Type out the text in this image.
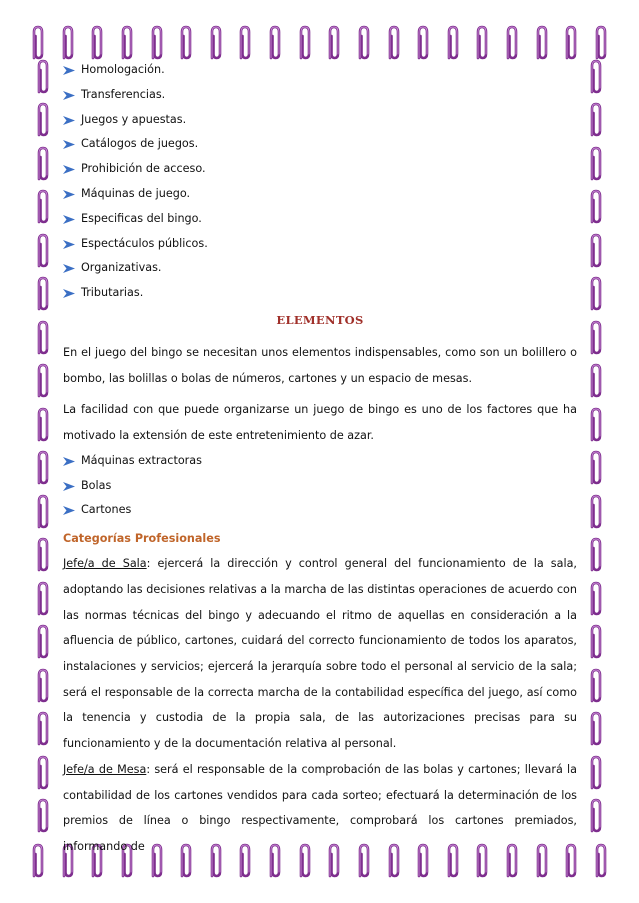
Homologación.
Transferencias.
Juegos y apuestas.
Catálogos de juegos.
Prohibición de acceso.
Máquinas de juego.
Especificas del bingo.
Espectáculos públicos.
Organizativas.
Tributarias.
ELEMENTOS

En el juego del bingo se necesitan unos elementos indispensables, como son un bolillero o bombo, las bolillas o bolas de números, cartones y un espacio de mesas.

La facilidad con que puede organizarse un juego de bingo es uno de los factores que ha motivado la extensión de este entretenimiento de azar.

Máquinas extractoras
Bolas
Cartones
Categorías Profesionales

Jefe/a de Sala: ejercerá la dirección y control general del funcionamiento de la sala, adoptando las decisiones relativas a la marcha de las distintas operaciones de acuerdo con las normas técnicas del bingo y adecuando el ritmo de aquellas en consideración a la afluencia de público, cartones, cuidará del correcto funcionamiento de todos los aparatos, instalaciones y servicios; ejercerá la jerarquía sobre todo el personal al servicio de la sala; será el responsable de la correcta marcha de la contabilidad específica del juego, así como la tenencia y custodia de la propia sala, de las autorizaciones precisas para su funcionamiento y de la documentación relativa al personal.

Jefe/a de Mesa: será el responsable de la comprobación de las bolas y cartones; llevará la contabilidad de los cartones vendidos para cada sorteo; efectuará la determinación de los premios de línea o bingo respectivamente, comprobará los cartones premiados, informando de
